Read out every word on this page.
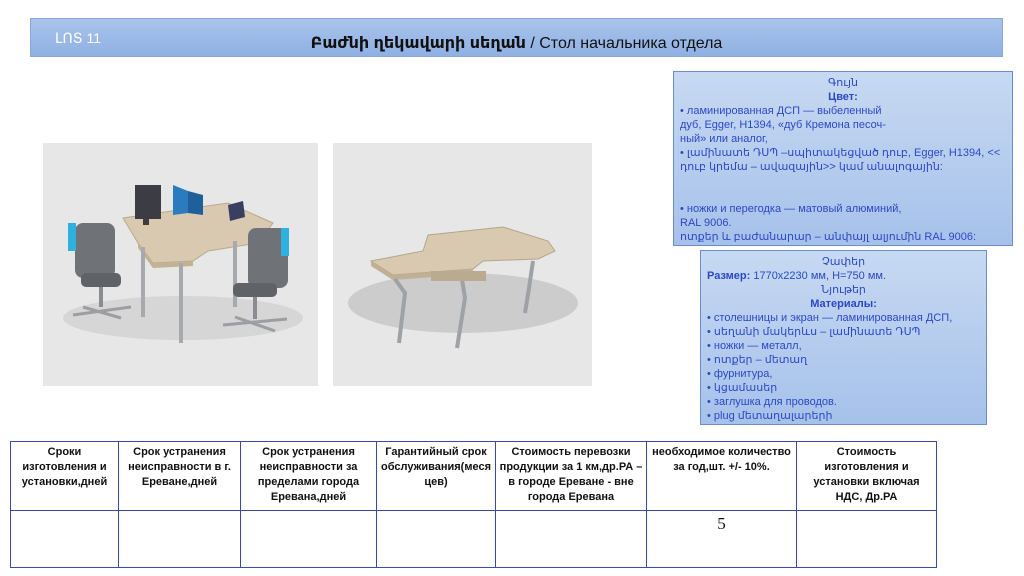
ԼՈՏ 11	Բաժնի ղեկավարի սեղան / Стол начальника отдела
Գույն
Цвет:
• ламинированная ДСП — выбеленный
дуб, Egger, H1394, «дуб Кремона песоч-
ный» или аналог,
• լամինատե ԴՍՊ –սպիտակեցված դուբ, Egger, H1394, <<
դուբ կրեմա – ավազային>> կամ անալոգային:
• ножки и перегодка — матовый алюминий,
RAL 9006.
ոտքեր և բաժանարար – անփայլ ալյումին RAL 9006:
Չափեր
Размер: 1770x2230 мм, Н=750 мм.
Նյութեր
Материалы:
• столешницы и экран — ламинированная ДСП,
• սեղանի մակերևս – լամինատե ԴՍՊ
• ножки — металл,
• ոտքեր – մետաղ
• фурнитура,
• կցամասեր
• заглушка для проводов.
• plug մետաղալարերի
Сроки изготовления и установки,дней	Срок устранения неисправности в г. Ереване,дней	Срок устранения неисправности за пределами города Еревана,дней	Гарантийный срок обслуживания(меся цев)	Стоимость перевозки продукции за 1 км,др.РА –в городе Ереване - вне города Еревана	необходимое количество за год,шт. +/- 10%.	Стоимость изготовления и установки включая НДС, Др.РА
					5	
